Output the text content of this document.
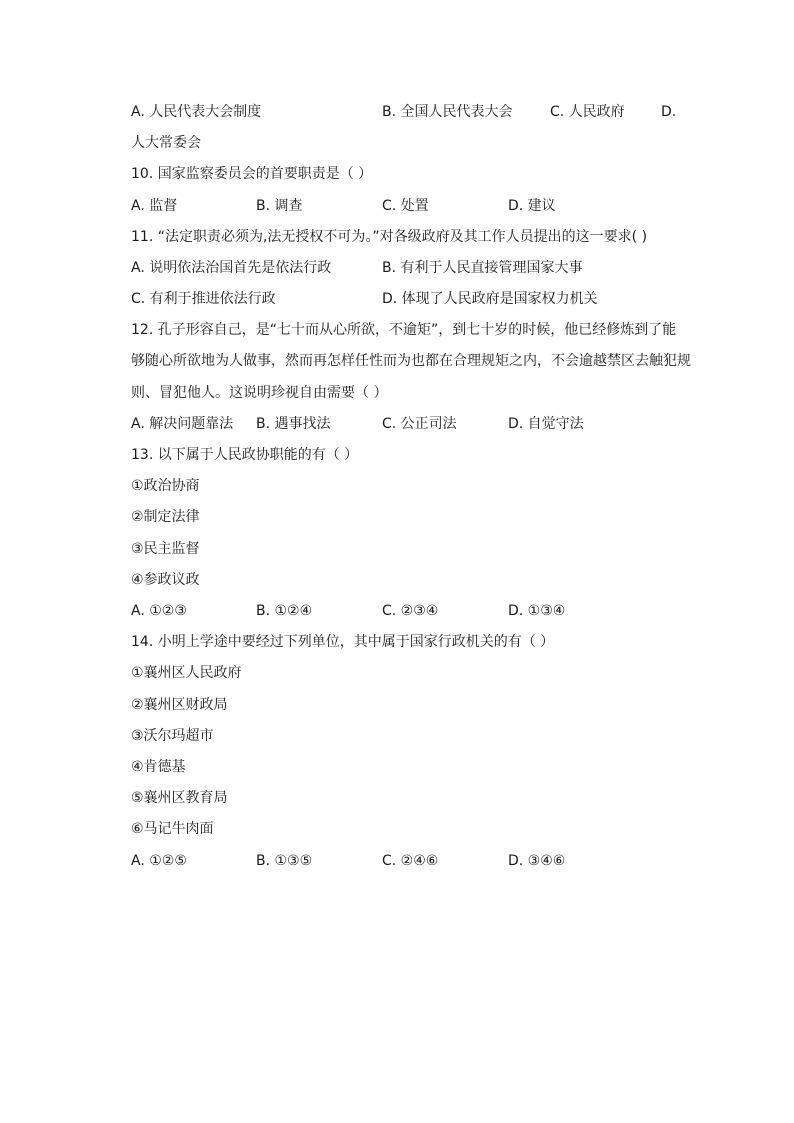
A. 人民代表大会制度	B. 全国人民代表大会	C. 人民政府	D.
人大常委会
10. 国家监察委员会的首要职责是（ ）
A. 监督	B. 调查	C. 处置	D. 建议
11. “法定职责必须为,法无授权不可为。”对各级政府及其工作人员提出的这一要求( )
A. 说明依法治国首先是依法行政	B. 有利于人民直接管理国家大事
C. 有利于推进依法行政	D. 体现了人民政府是国家权力机关
12. 孔子形容自己，是“七十而从心所欲，不逾矩”，到七十岁的时候，他已经修炼到了能
够随心所欲地为人做事，然而再怎样任性而为也都在合理规矩之内，不会逾越禁区去触犯规
则、冒犯他人。这说明珍视自由需要（ ）
A. 解决问题靠法 B. 遇事找法	C. 公正司法	D. 自觉守法
13. 以下属于人民政协职能的有（ ）
①政治协商
②制定法律
③民主监督
④参政议政
A. ①②③	B. ①②④	C. ②③④	D. ①③④
14. 小明上学途中要经过下列单位，其中属于国家行政机关的有（ ）
①襄州区人民政府
②襄州区财政局
③沃尔玛超市
④肯德基
⑤襄州区教育局
⑥马记牛肉面
A. ①②⑤	B. ①③⑤	C. ②④⑥	D. ③④⑥
